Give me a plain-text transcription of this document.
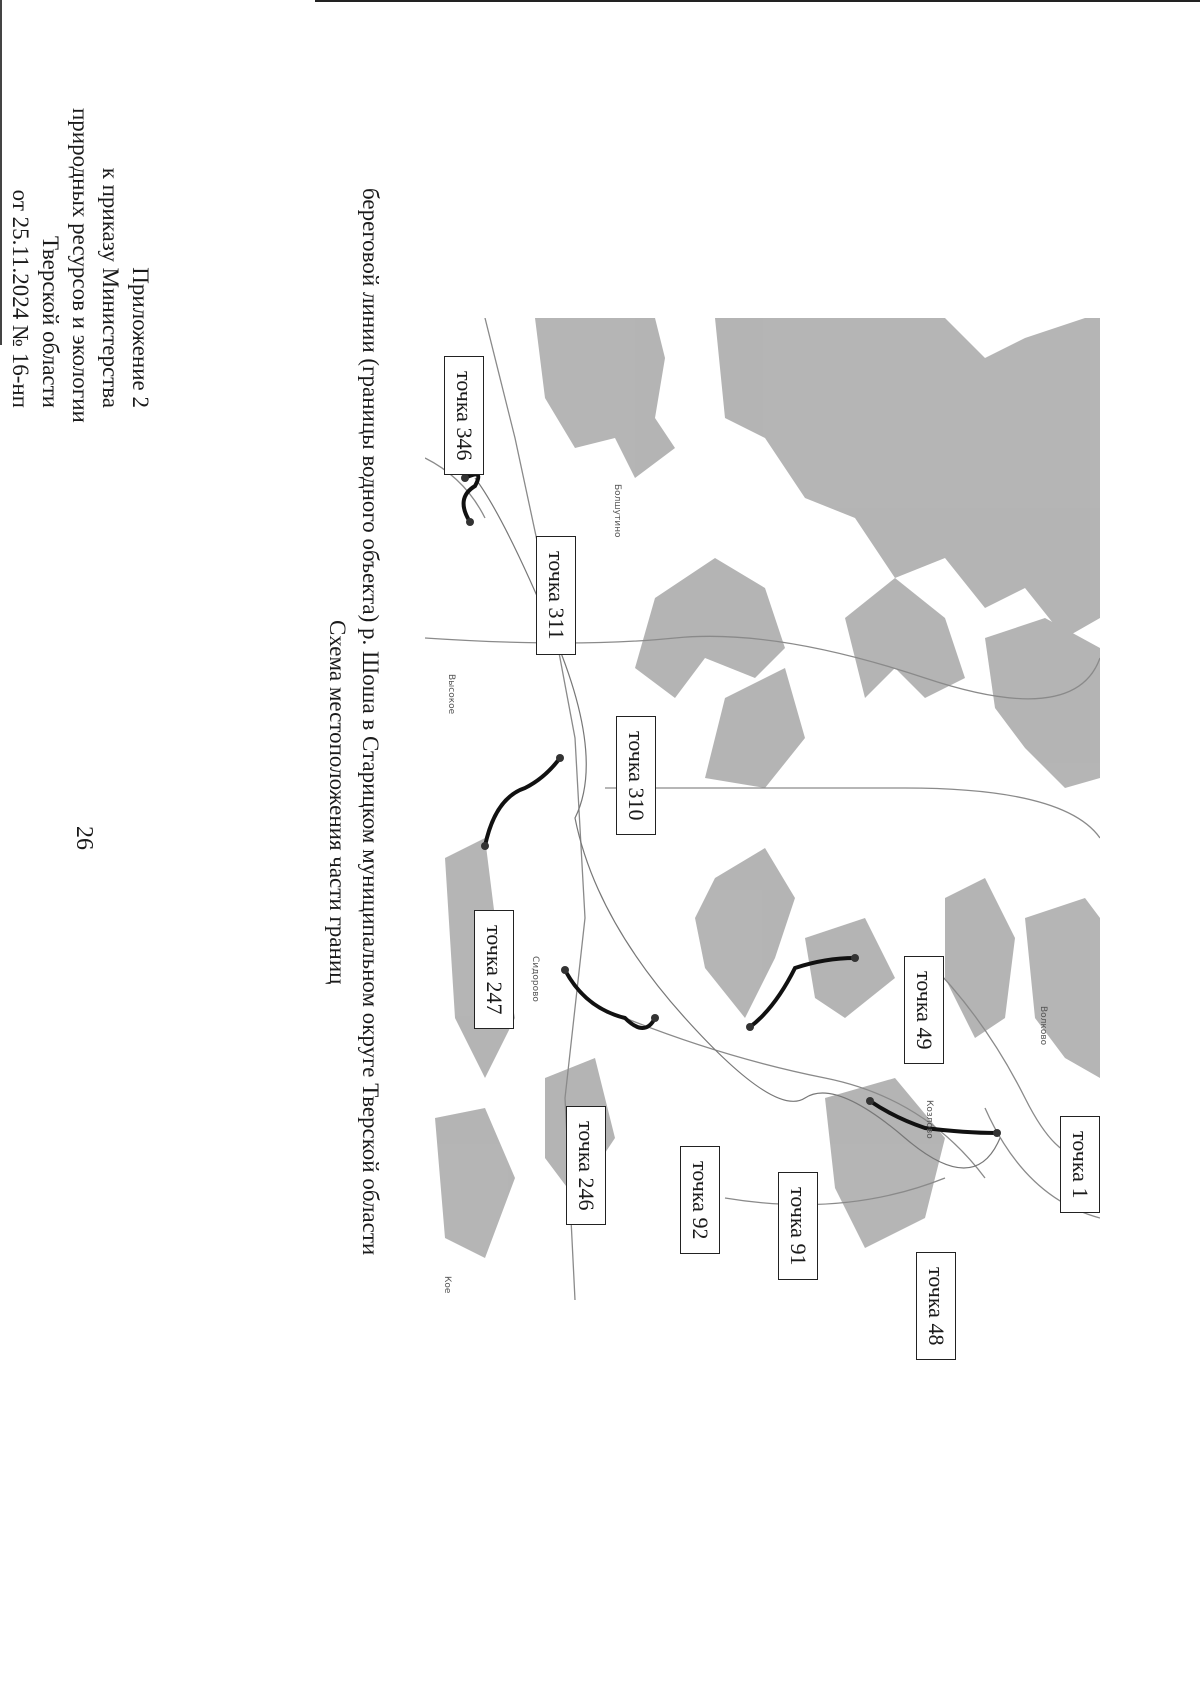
26
Приложение 2
к приказу Министерства
природных ресурсов и экологии
Тверской области
от 25.11.2024 № 16-нп
Схема местоположения части границ береговой линии (границы водного объекта) р. Шоша в Старицком муниципальном округе Тверской области	точка 346
точка 311
точка 310
точка 247
точка 246	точка 92	точка 91
точка 49
точка 48
точка 1
Высокое
Болшутино
Сидорово
Козлово
Волково
Кое
